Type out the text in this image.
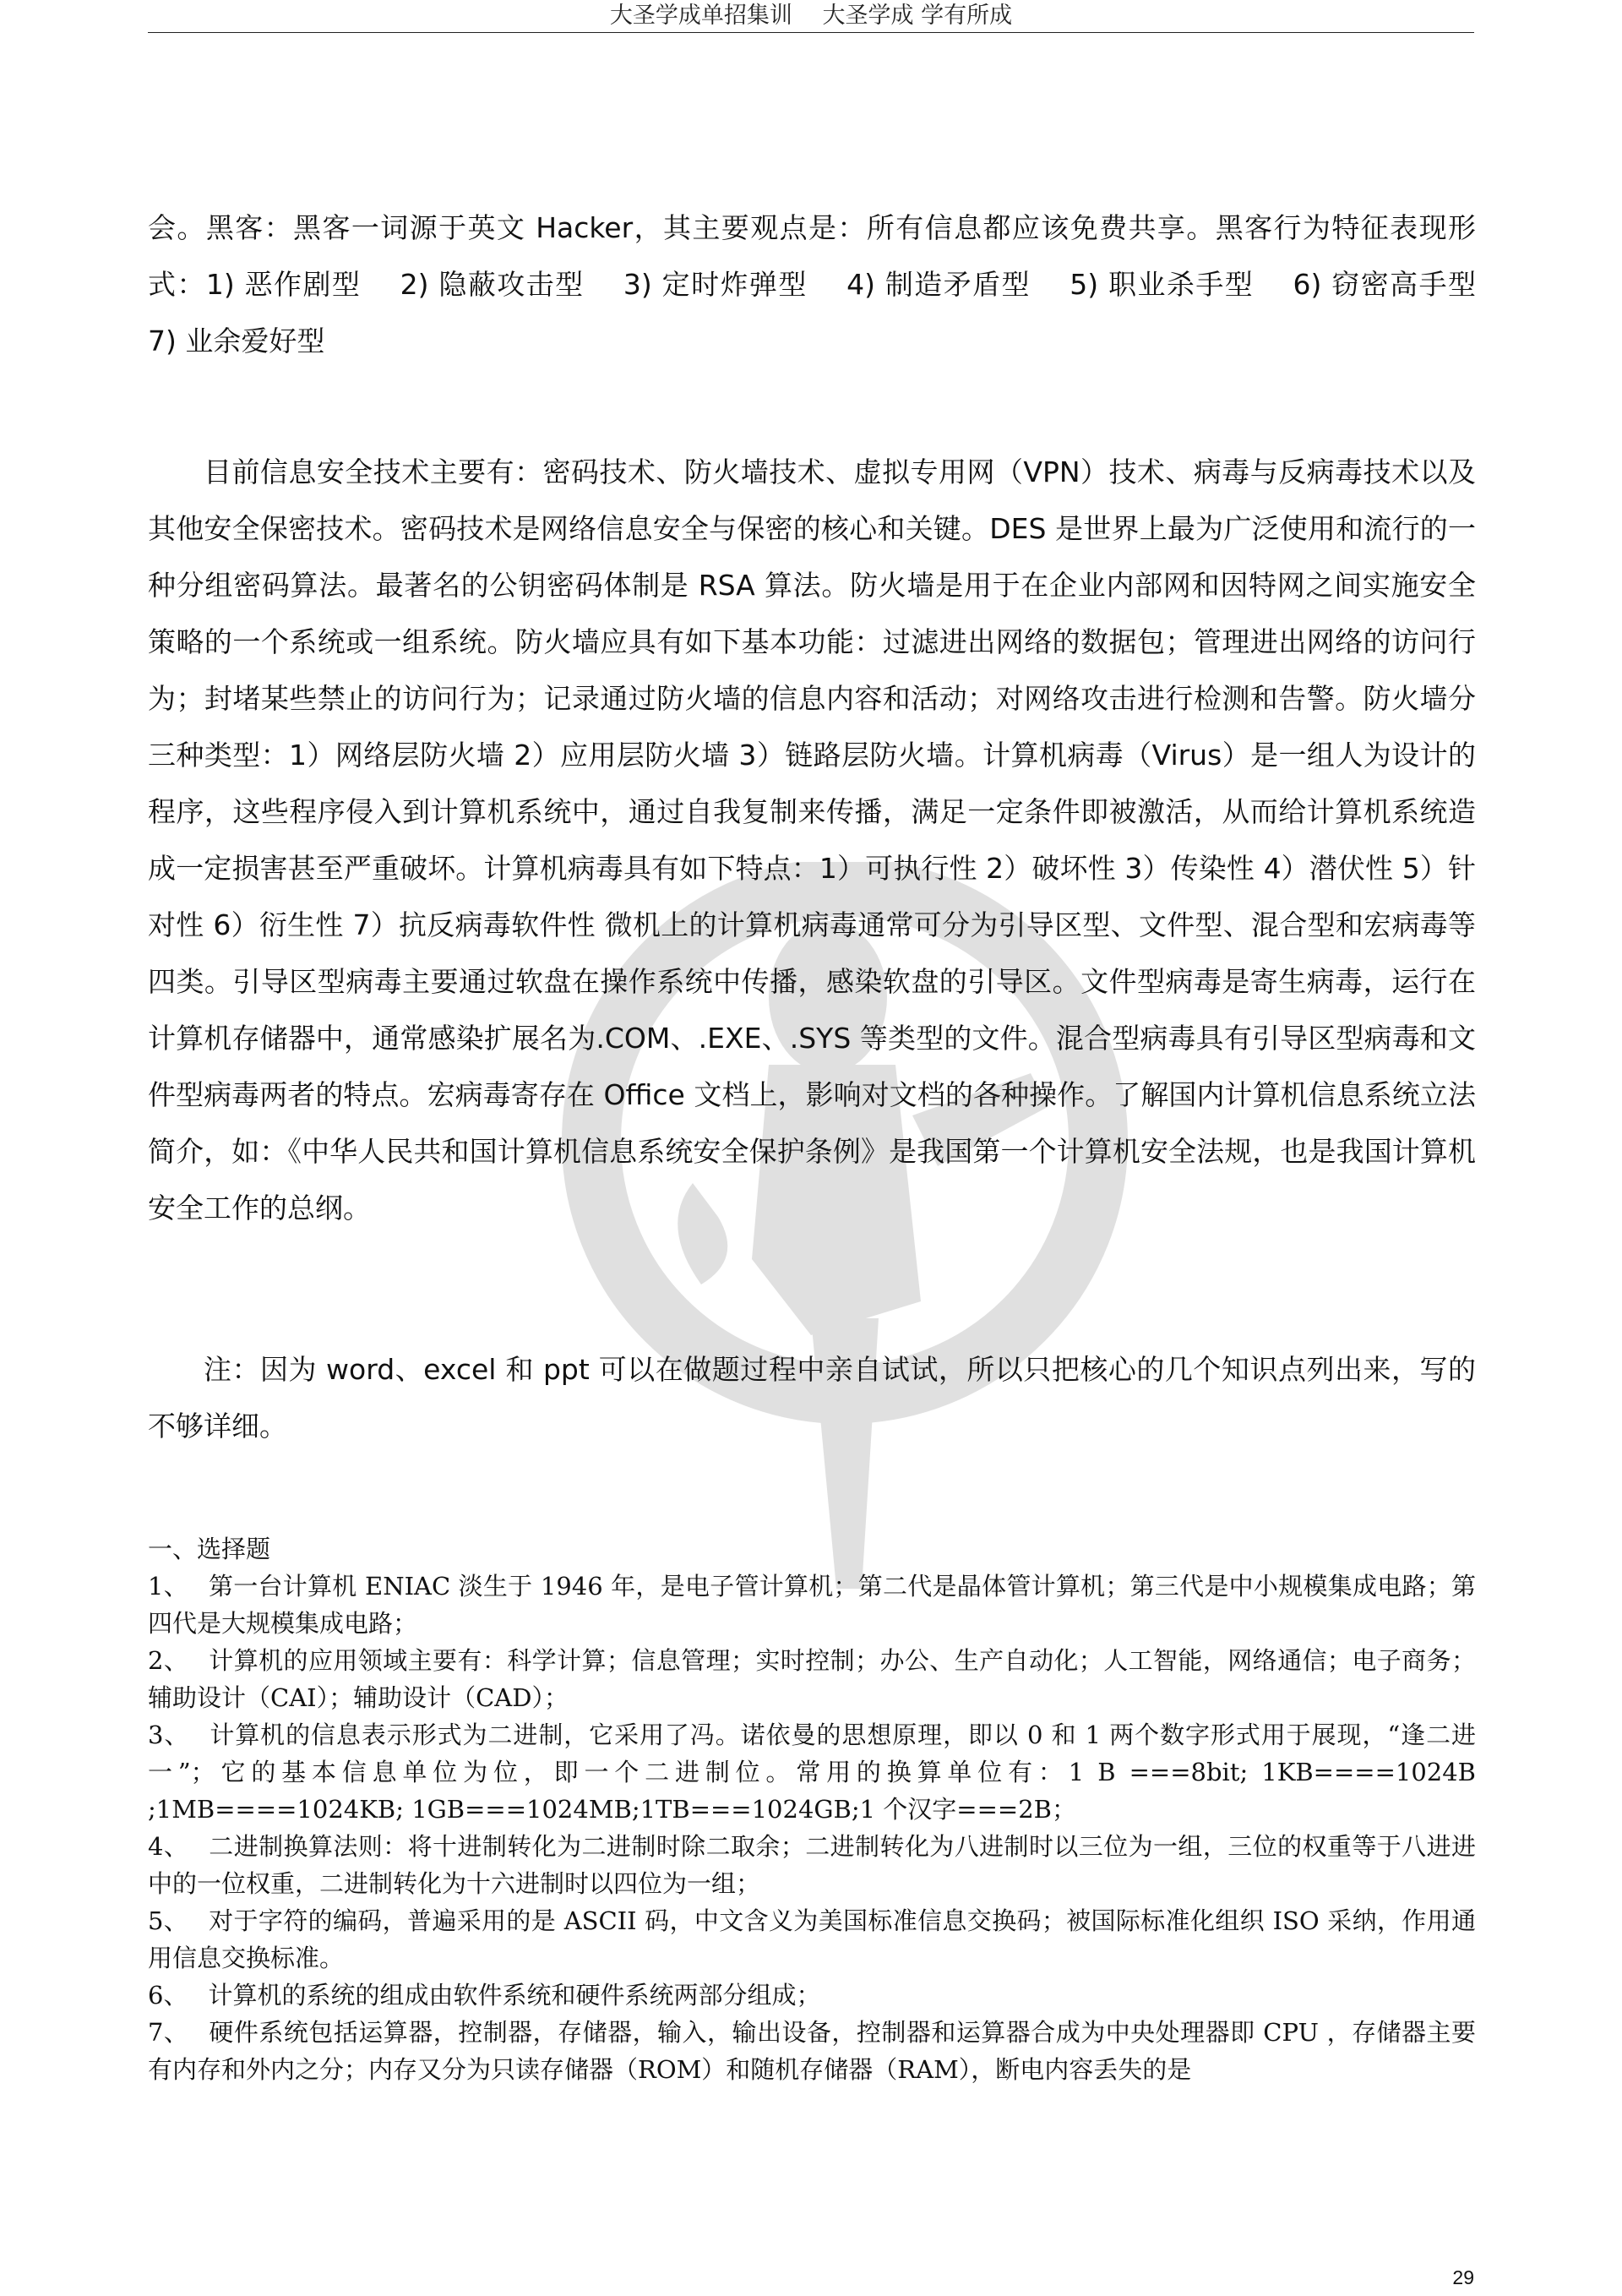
大圣学成单招集训　 大圣学成 学有所成

会。黑客：黑客一词源于英文 Hacker，其主要观点是：所有信息都应该免费共享。黑客行为特征表现形式：1) 恶作剧型　 2) 隐蔽攻击型　 3) 定时炸弹型　 4) 制造矛盾型　 5) 职业杀手型　 6) 窃密高手型　 7) 业余爱好型

目前信息安全技术主要有：密码技术、防火墙技术、虚拟专用网（VPN）技术、病毒与反病毒技术以及其他安全保密技术。密码技术是网络信息安全与保密的核心和关键。DES 是世界上最为广泛使用和流行的一种分组密码算法。最著名的公钥密码体制是 RSA 算法。防火墙是用于在企业内部网和因特网之间实施安全策略的一个系统或一组系统。防火墙应具有如下基本功能：过滤进出网络的数据包；管理进出网络的访问行为；封堵某些禁止的访问行为；记录通过防火墙的信息内容和活动；对网络攻击进行检测和告警。防火墙分三种类型：1）网络层防火墙 2）应用层防火墙 3）链路层防火墙。计算机病毒（Virus）是一组人为设计的程序，这些程序侵入到计算机系统中，通过自我复制来传播，满足一定条件即被激活，从而给计算机系统造成一定损害甚至严重破坏。计算机病毒具有如下特点：1）可执行性 2）破坏性 3）传染性 4）潜伏性 5）针对性 6）衍生性 7）抗反病毒软件性 微机上的计算机病毒通常可分为引导区型、文件型、混合型和宏病毒等四类。引导区型病毒主要通过软盘在操作系统中传播，感染软盘的引导区。文件型病毒是寄生病毒，运行在计算机存储器中，通常感染扩展名为.COM、.EXE、.SYS 等类型的文件。混合型病毒具有引导区型病毒和文件型病毒两者的特点。宏病毒寄存在 Office 文档上，影响对文档的各种操作。了解国内计算机信息系统立法简介，如：《中华人民共和国计算机信息系统安全保护条例》是我国第一个计算机安全法规，也是我国计算机安全工作的总纲。

注：因为 word、excel 和 ppt 可以在做题过程中亲自试试，所以只把核心的几个知识点列出来，写的不够详细。

一、选择题

1、 第一台计算机 ENIAC 淡生于 1946 年，是电子管计算机；第二代是晶体管计算机；第三代是中小规模集成电路；第四代是大规模集成电路；

2、 计算机的应用领域主要有：科学计算；信息管理；实时控制；办公、生产自动化；人工智能，网络通信；电子商务；辅助设计（CAI）；辅助设计（CAD）；

3、 计算机的信息表示形式为二进制，它采用了冯。诺依曼的思想原理，即以 0 和 1 两个数字形式用于展现，“逢二进一”；它的基本信息单位为位，即一个二进制位。常用的换算单位有：1 B ===8bit; 1KB====1024B ;1MB====1024KB; 1GB===1024MB;1TB===1024GB;1 个汉字===2B；

4、 二进制换算法则：将十进制转化为二进制时除二取余；二进制转化为八进制时以三位为一组，三位的权重等于八进进中的一位权重，二进制转化为十六进制时以四位为一组；

5、 对于字符的编码，普遍采用的是 ASCII 码，中文含义为美国标准信息交换码；被国际标准化组织 ISO 采纳，作用通用信息交换标准。

6、 计算机的系统的组成由软件系统和硬件系统两部分组成；

7、 硬件系统包括运算器，控制器，存储器，输入，输出设备，控制器和运算器合成为中央处理器即 CPU ，存储器主要有内存和外内之分；内存又分为只读存储器（ROM）和随机存储器（RAM），断电内容丢失的是

29
